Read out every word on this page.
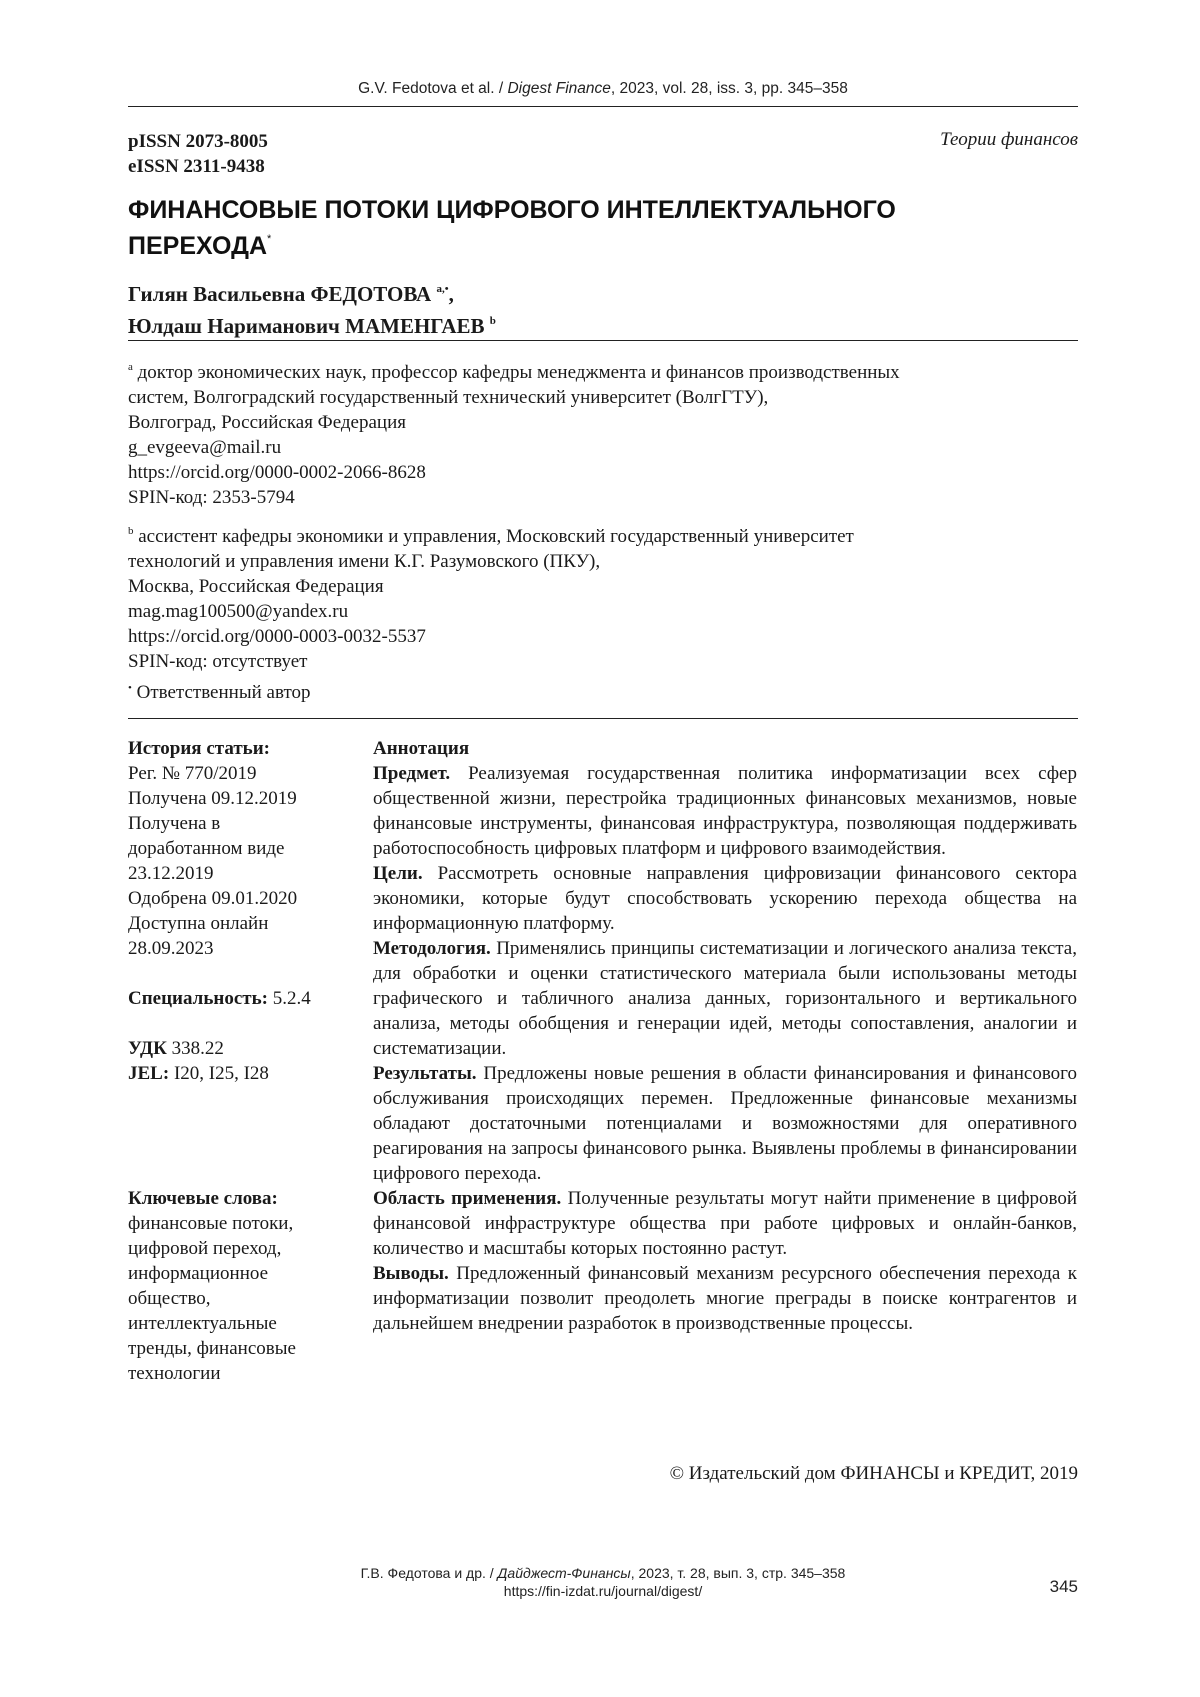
G.V. Fedotova et al. / Digest Finance, 2023, vol. 28, iss. 3, pp. 345–358
pISSN 2073-8005
eISSN 2311-9438
Теории финансов
ФИНАНСОВЫЕ ПОТОКИ ЦИФРОВОГО ИНТЕЛЛЕКТУАЛЬНОГО
ПЕРЕХОДА*
Гилян Васильевна ФЕДОТОВА $^{a,•}$,
Юлдаш Нариманович МАМЕНГАЕВ $^b$
$^a$ доктор экономических наук, профессор кафедры менеджмента и финансов производственных
систем, Волгоградский государственный технический университет (ВолгГТУ),
Волгоград, Российская Федерация
g_evgeeva@mail.ru
https://orcid.org/0000-0002-2066-8628
SPIN-код: 2353-5794
$^b$ ассистент кафедры экономики и управления, Московский государственный университет
технологий и управления имени К.Г. Разумовского (ПКУ),
Москва, Российская Федерация
mag.mag100500@yandex.ru
https://orcid.org/0000-0003-0032-5537
SPIN-код: отсутствует
• Ответственный автор
История статьи:
Рег. № 770/2019
Получена 09.12.2019
Получена в
доработанном виде
23.12.2019
Одобрена 09.01.2020
Доступна онлайн
28.09.2023
Специальность: 5.2.4
УДК 338.22
JEL: I20, I25, I28
Ключевые слова:
финансовые потоки,
цифровой переход,
информационное
общество,
интеллектуальные
тренды, финансовые
технологии
Аннотация

Предмет. Реализуемая государственная политика информатизации всех сфер общественной жизни, перестройка традиционных финансовых механизмов, новые финансовые инструменты, финансовая инфраструктура, позволяющая поддерживать работоспособность цифровых платформ и цифрового взаимодействия.

Цели. Рассмотреть основные направления цифровизации финансового сектора экономики, которые будут способствовать ускорению перехода общества на информационную платформу.

Методология. Применялись принципы систематизации и логического анализа текста, для обработки и оценки статистического материала были использованы методы графического и табличного анализа данных, горизонтального и вертикального анализа, методы обобщения и генерации идей, методы сопоставления, аналогии и систематизации.

Результаты. Предложены новые решения в области финансирования и финансового обслуживания происходящих перемен. Предложенные финансовые механизмы обладают достаточными потенциалами и возможностями для оперативного реагирования на запросы финансового рынка. Выявлены проблемы в финансировании цифрового перехода.

Область применения. Полученные результаты могут найти применение в цифровой финансовой инфраструктуре общества при работе цифровых и онлайн-банков, количество и масштабы которых постоянно растут.

Выводы. Предложенный финансовый механизм ресурсного обеспечения перехода к информатизации позволит преодолеть многие преграды в поиске контрагентов и дальнейшем внедрении разработок в производственные процессы.

© Издательский дом ФИНАНСЫ и КРЕДИТ, 2019
Г.В. Федотова и др. / Дайджест-Финансы, 2023, т. 28, вып. 3, стр. 345–358
https://fin-izdat.ru/journal/digest/	345
